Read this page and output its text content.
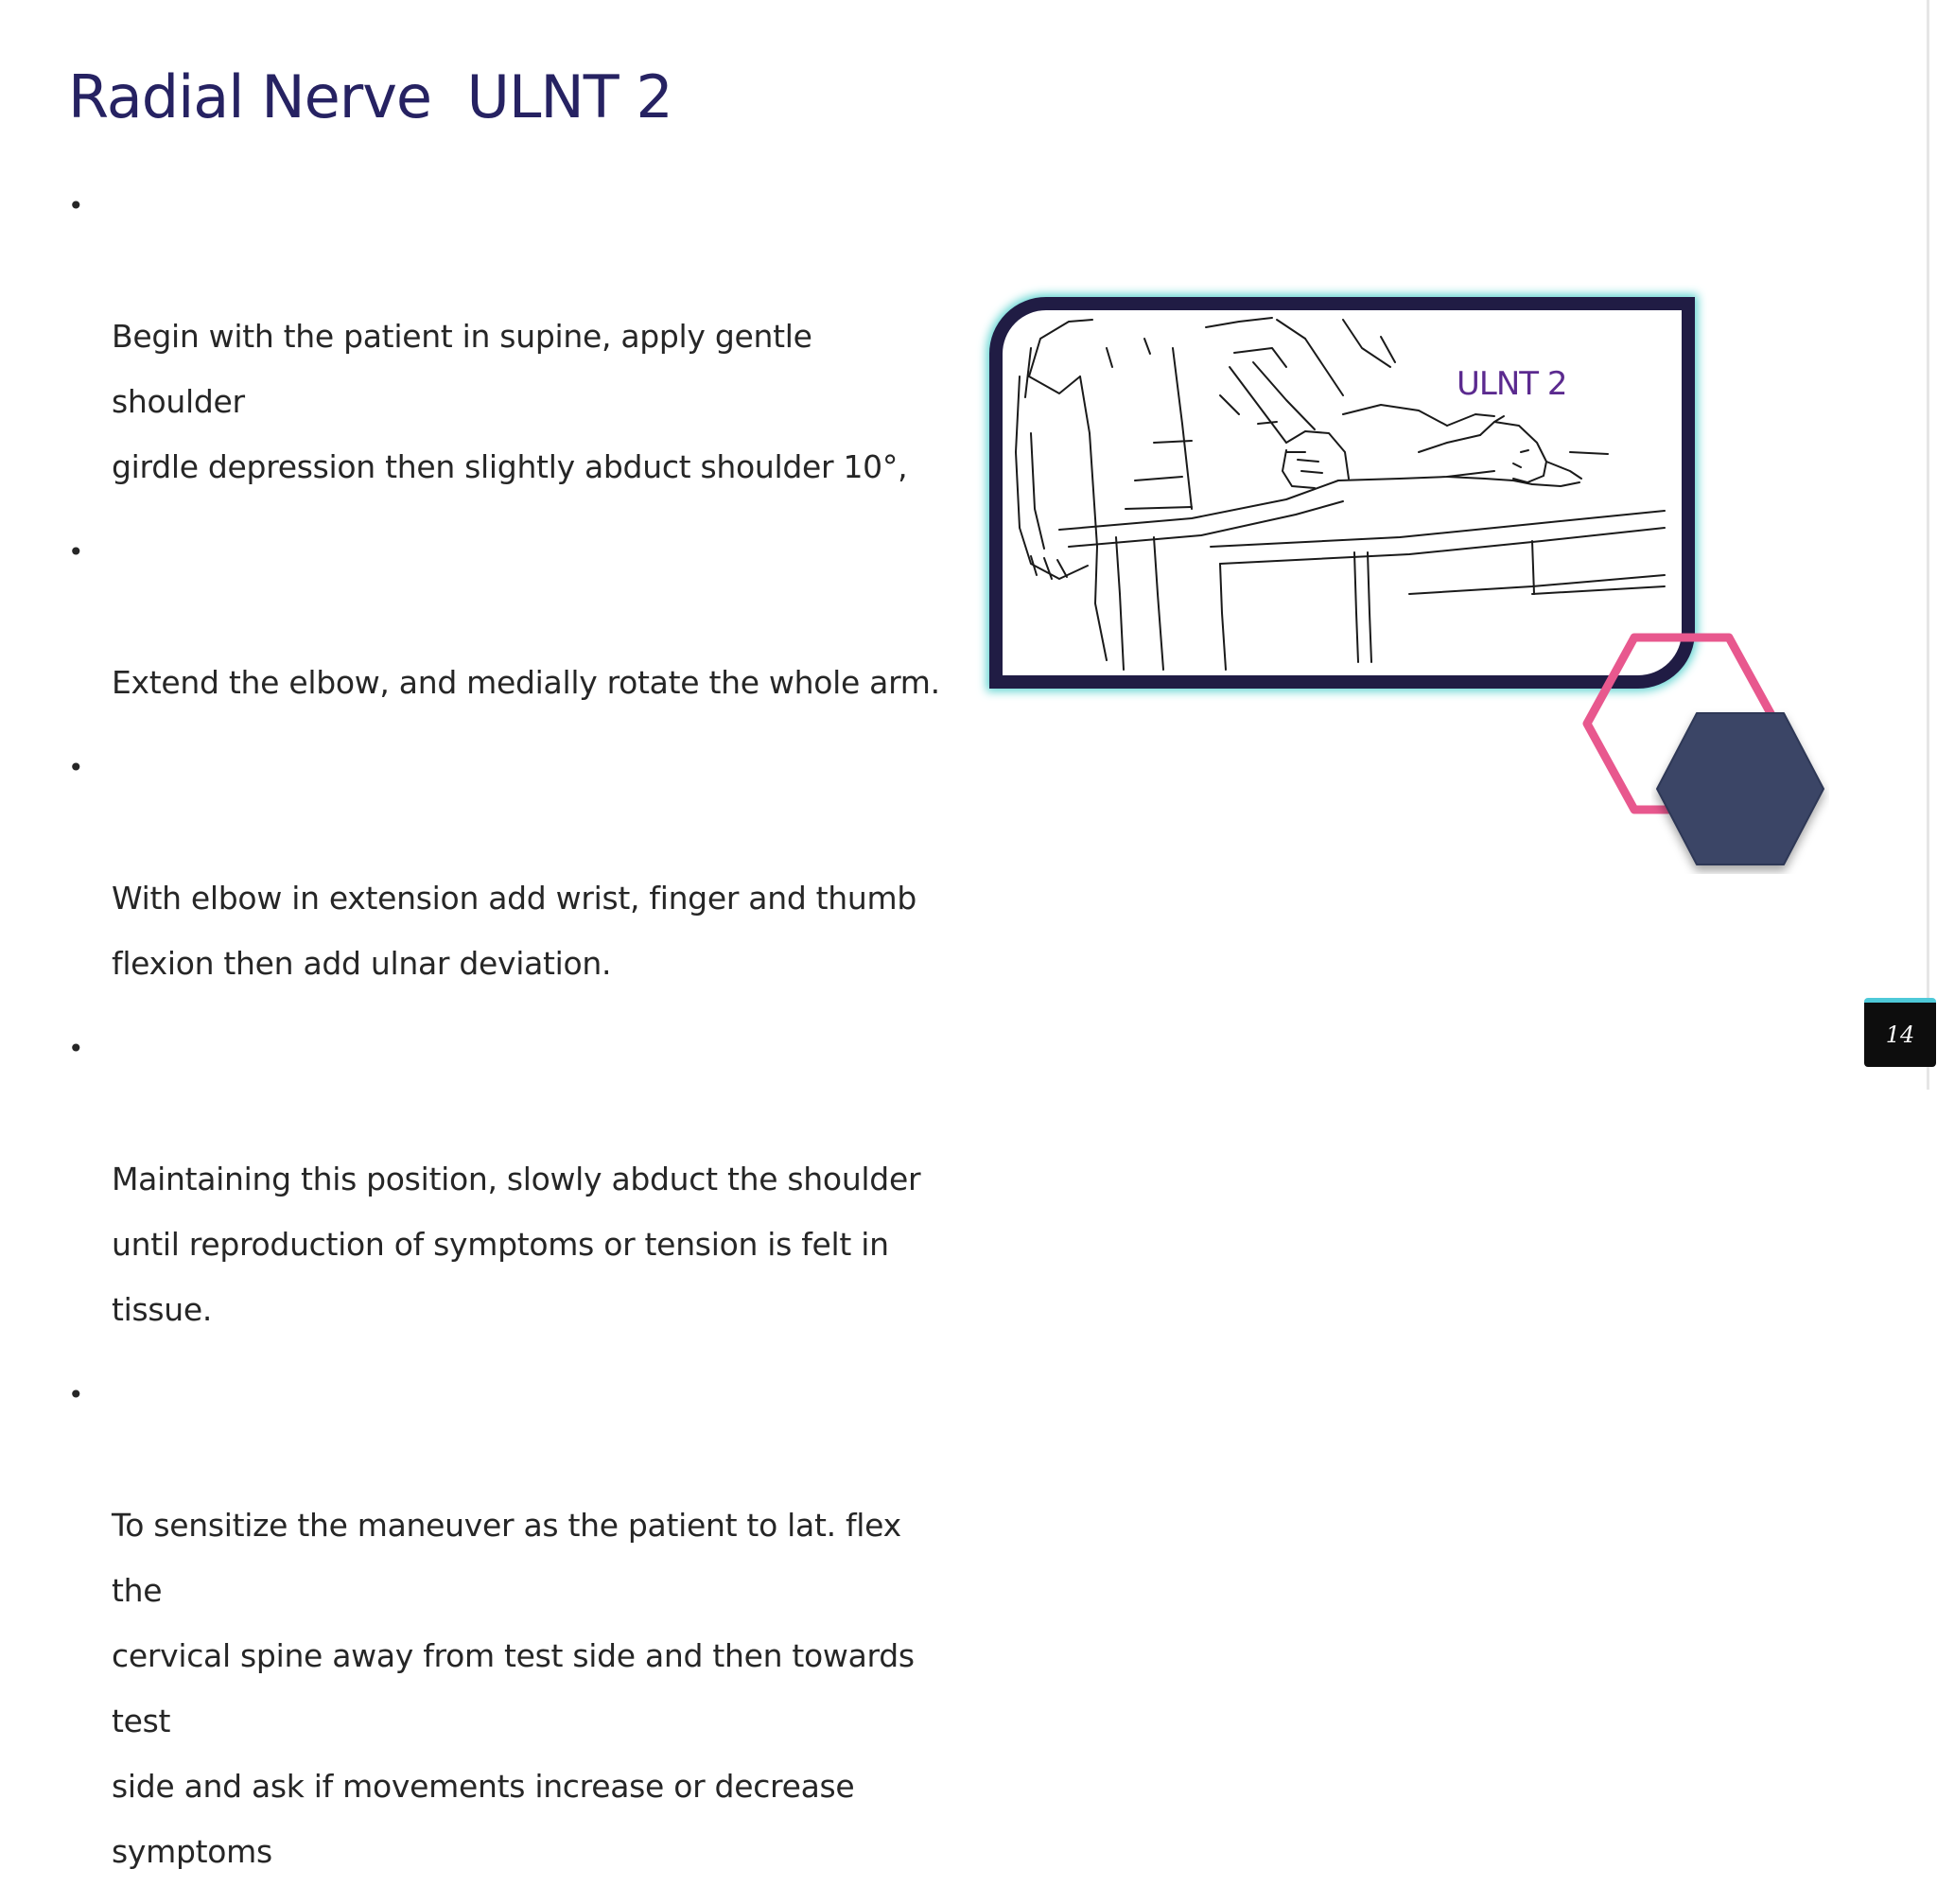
Radial Nerve  ULNT 2

•

Begin with the patient in supine, apply gentle shoulder
girdle depression then slightly abduct shoulder 10°,

•

Extend the elbow, and medially rotate the whole arm.

•

With elbow in extension add wrist, finger and thumb
flexion then add ulnar deviation.

•

Maintaining this position, slowly abduct the shoulder
until reproduction of symptoms or tension is felt in
tissue.

•

To sensitize the maneuver as the patient to lat. flex the
cervical spine away from test side and then towards test
side and ask if movements increase or decrease
symptoms

ULNT 2
14
